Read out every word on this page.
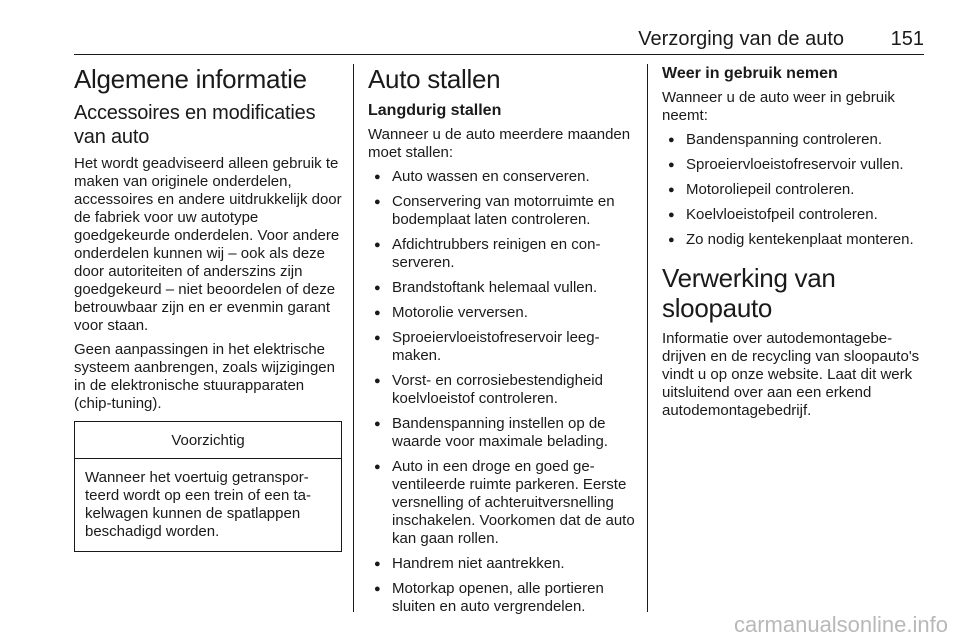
Verzorging van de auto 151
Algemene informatie
Accessoires en modificaties van auto

Het wordt geadviseerd alleen gebruik te maken van originele onderdelen, accessoires en andere uitdrukkelijk door de fabriek voor uw autotype goedgekeurde onderdelen. Voor andere onderdelen kunnen wij – ook als deze door autoriteiten of anderszins zijn goedgekeurd – niet beoordelen of deze betrouwbaar zijn en er evenmin garant voor staan.

Geen aanpassingen in het elektrische systeem aanbrengen, zoals wijzigingen in de elektronische stuurapparaten (chip-tuning).

Voorzichtig

Wanneer het voertuig getransporteerd wordt op een trein of een takelwagen kunnen de spatlappen beschadigd worden.

Auto stallen
Langdurig stallen

Wanneer u de auto meerdere maanden moet stallen:

● Auto wassen en conserveren.
● Conservering van motorruimte en bodemplaat laten controleren.
● Afdichtrubbers reinigen en conserveren.
● Brandstoftank helemaal vullen.
● Motorolie verversen.
● Sproeiervloeistofreservoir leegmaken.
● Vorst- en corrosiebestendigheid koelvloeistof controleren.
● Bandenspanning instellen op de waarde voor maximale belading.
● Auto in een droge en goed geventileerde ruimte parkeren. Eerste versnelling of achteruitversnelling inschakelen. Voorkomen dat de auto kan gaan rollen.
● Handrem niet aantrekken.
● Motorkap openen, alle portieren sluiten en auto vergrendelen.
Weer in gebruik nemen

Wanneer u de auto weer in gebruik neemt:

● Bandenspanning controleren.
● Sproeiervloeistofreservoir vullen.
● Motoroliepeil controleren.
● Koelvloeistofpeil controleren.
● Zo nodig kentekenplaat monteren.
Verwerking van sloopauto

Informatie over autodemontagebedrijven en de recycling van sloopauto's vindt u op onze website. Laat dit werk uitsluitend over aan een erkend autodemontagebedrijf.

carmanualsonline.info
